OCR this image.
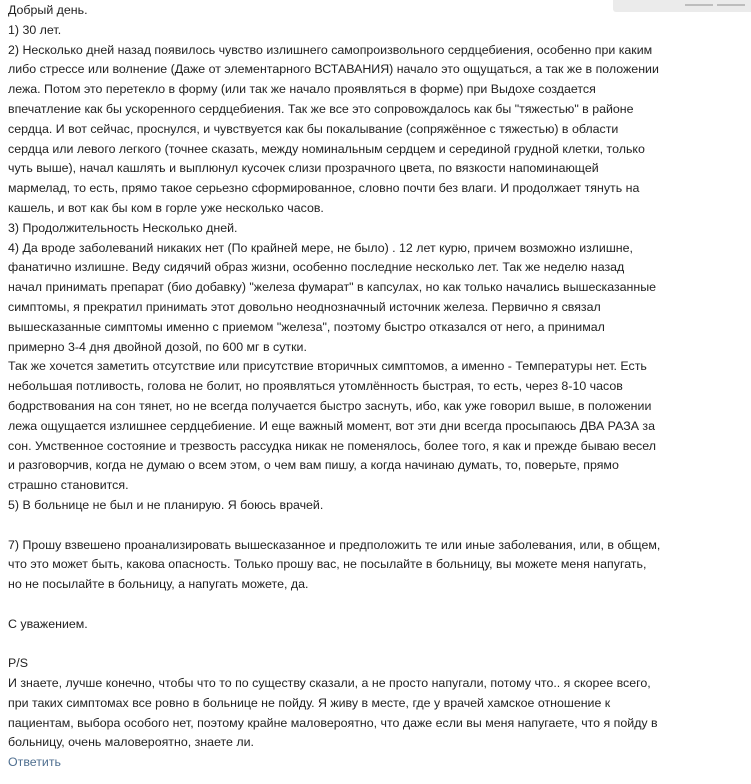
Добрый день.
1) 30 лет.
2) Несколько дней назад появилось чувство излишнего самопроизвольного сердцебиения, особенно при каким
либо стрессе или волнение (Даже от элементарного ВСТАВАНИЯ) начало это ощущаться, а так же в положении
лежа. Потом это перетекло в форму (или так же начало проявляться в форме) при Выдохе создается
впечатление как бы ускоренного сердцебиения. Так же все это сопровождалось как бы "тяжестью" в районе
сердца. И вот сейчас, проснулся, и чувствуется как бы покалывание (сопряжённое с тяжестью) в области
сердца или левого легкого (точнее сказать, между номинальным сердцем и серединой грудной клетки, только
чуть выше), начал кашлять и выплюнул кусочек слизи прозрачного цвета, по вязкости напоминающей
мармелад, то есть, прямо такое серьезно сформированное, словно почти без влаги. И продолжает тянуть на
кашель, и вот как бы ком в горле уже несколько часов.
3) Продолжительность Несколько дней.
4) Да вроде заболеваний никаких нет (По крайней мере, не было) . 12 лет курю, причем возможно излишне,
фанатично излишне. Веду сидячий образ жизни, особенно последние несколько лет. Так же неделю назад
начал принимать препарат (био добавку) "железа фумарат" в капсулах, но как только начались вышесказанные
симптомы, я прекратил принимать этот довольно неоднозначный источник железа. Первично я связал
вышесказанные симптомы именно с приемом "железа", поэтому быстро отказался от него, а принимал
примерно 3-4 дня двойной дозой, по 600 мг в сутки.
Так же хочется заметить отсутствие или присутствие вторичных симптомов, а именно - Температуры нет. Есть
небольшая потливость, голова не болит, но проявляться утомлённость быстрая, то есть, через 8-10 часов
бодрствования на сон тянет, но не всегда получается быстро заснуть, ибо, как уже говорил выше, в положении
лежа ощущается излишнее сердцебиение. И еще важный момент, вот эти дни всегда просыпаюсь ДВА РАЗА за
сон. Умственное состояние и трезвость рассудка никак не поменялось, более того, я как и прежде бываю весел
и разговорчив, когда не думаю о всем этом, о чем вам пишу, а когда начинаю думать, то, поверьте, прямо
страшно становится.
5) В больнице не был и не планирую. Я боюсь врачей.
7) Прошу взвешено проанализировать вышесказанное и предположить те или иные заболевания, или, в общем,
что это может быть, какова опасность. Только прошу вас, не посылайте в больницу, вы можете меня напугать,
но не посылайте в больницу, а напугать можете, да.
С уважением.
P/S
И знаете, лучше конечно, чтобы что то по существу сказали, а не просто напугали, потому что.. я скорее всего,
при таких симптомах все ровно в больнице не пойду. Я живу в месте, где у врачей хамское отношение к
пациентам, выбора особого нет, поэтому крайне маловероятно, что даже если вы меня напугаете, что я пойду в
больницу, очень маловероятно, знаете ли.
Ответить
